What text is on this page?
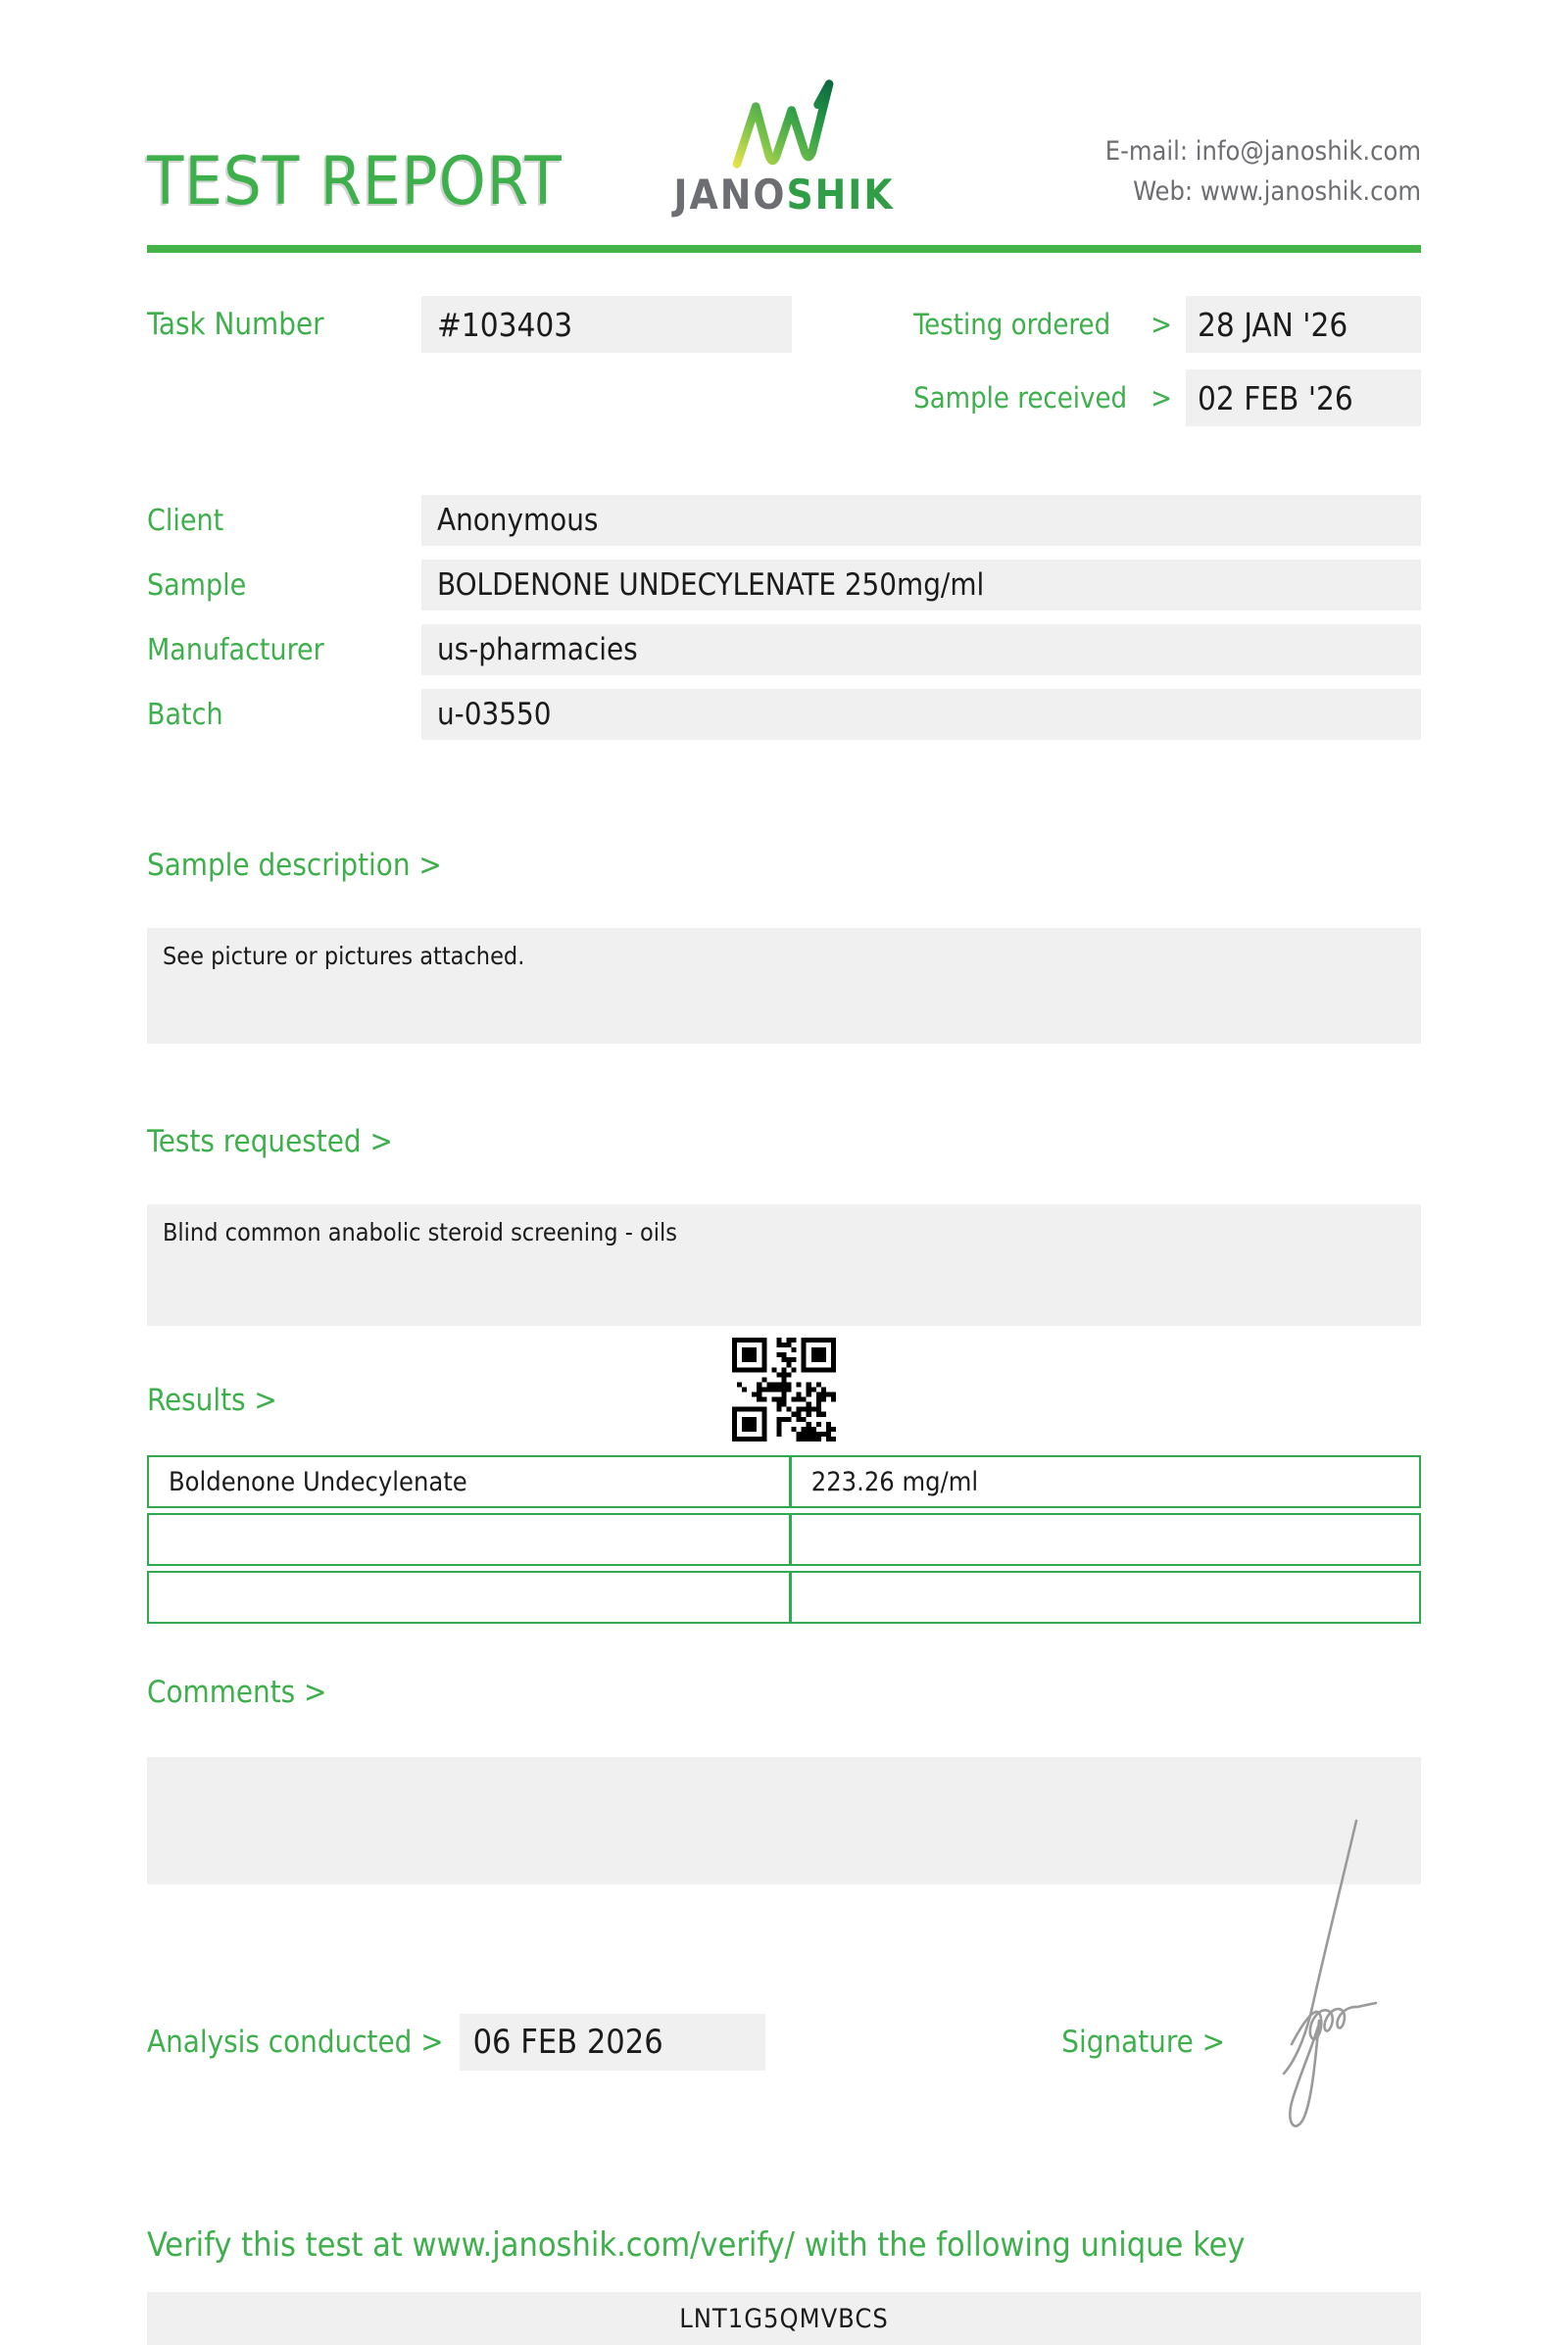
TEST REPORT	JANOSHIK
E-mail: info@janoshik.com
Web: www.janoshik.com
Task Number	#103403	Testing ordered	> 28 JAN '26
Sample received > 02 FEB '26
Client	Anonymous
Sample	BOLDENONE UNDECYLENATE 250mg/ml
Manufacturer	us-pharmacies
Batch	u-03550
Sample description >
See picture or pictures attached.
Tests requested >
Blind common anabolic steroid screening - oils
Results >
Boldenone Undecylenate	223.26 mg/ml
Comments >
Analysis conducted > 06 FEB 2026	Signature >
Verify this test at www.janoshik.com/verify/ with the following unique key
LNT1G5QMVBCS
